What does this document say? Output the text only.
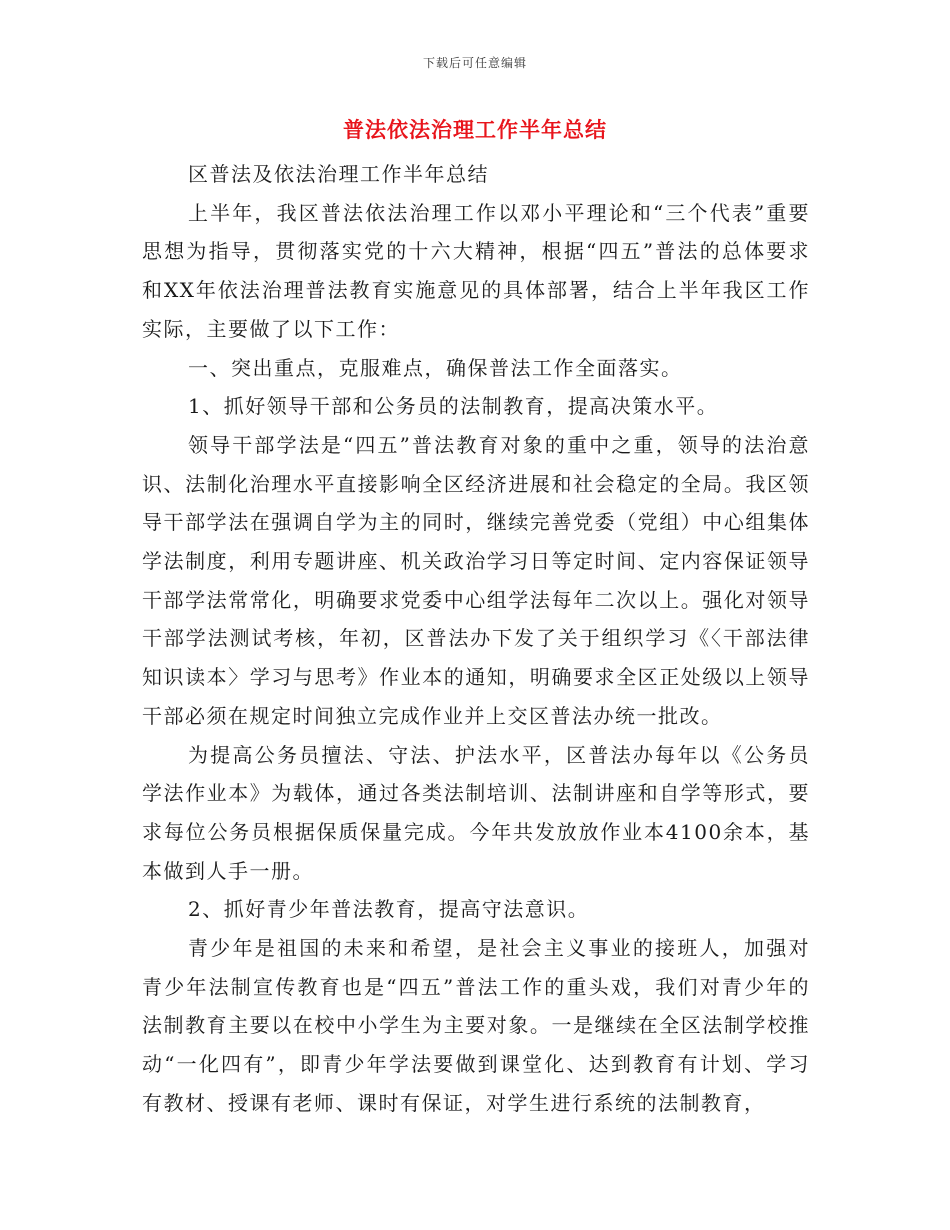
下载后可任意编辑
普法依法治理工作半年总结

区普法及依法治理工作半年总结

上半年，我区普法依法治理工作以邓小平理论和“三个代表”重要思想为指导，贯彻落实党的十六大精神，根据“四五”普法的总体要求和XX年依法治理普法教育实施意见的具体部署，结合上半年我区工作实际，主要做了以下工作：

一、突出重点，克服难点，确保普法工作全面落实。

1、抓好领导干部和公务员的法制教育，提高决策水平。

领导干部学法是“四五”普法教育对象的重中之重，领导的法治意识、法制化治理水平直接影响全区经济进展和社会稳定的全局。我区领导干部学法在强调自学为主的同时，继续完善党委（党组）中心组集体学法制度，利用专题讲座、机关政治学习日等定时间、定内容保证领导干部学法常常化，明确要求党委中心组学法每年二次以上。强化对领导干部学法测试考核，年初，区普法办下发了关于组织学习《〈干部法律知识读本〉学习与思考》作业本的通知，明确要求全区正处级以上领导干部必须在规定时间独立完成作业并上交区普法办统一批改。

为提高公务员擅法、守法、护法水平，区普法办每年以《公务员学法作业本》为载体，通过各类法制培训、法制讲座和自学等形式，要求每位公务员根据保质保量完成。今年共发放放作业本4100余本，基本做到人手一册。

2、抓好青少年普法教育，提高守法意识。

青少年是祖国的未来和希望，是社会主义事业的接班人，加强对青少年法制宣传教育也是“四五”普法工作的重头戏，我们对青少年的法制教育主要以在校中小学生为主要对象。一是继续在全区法制学校推动“一化四有”，即青少年学法要做到课堂化、达到教育有计划、学习有教材、授课有老师、课时有保证，对学生进行系统的法制教育，
